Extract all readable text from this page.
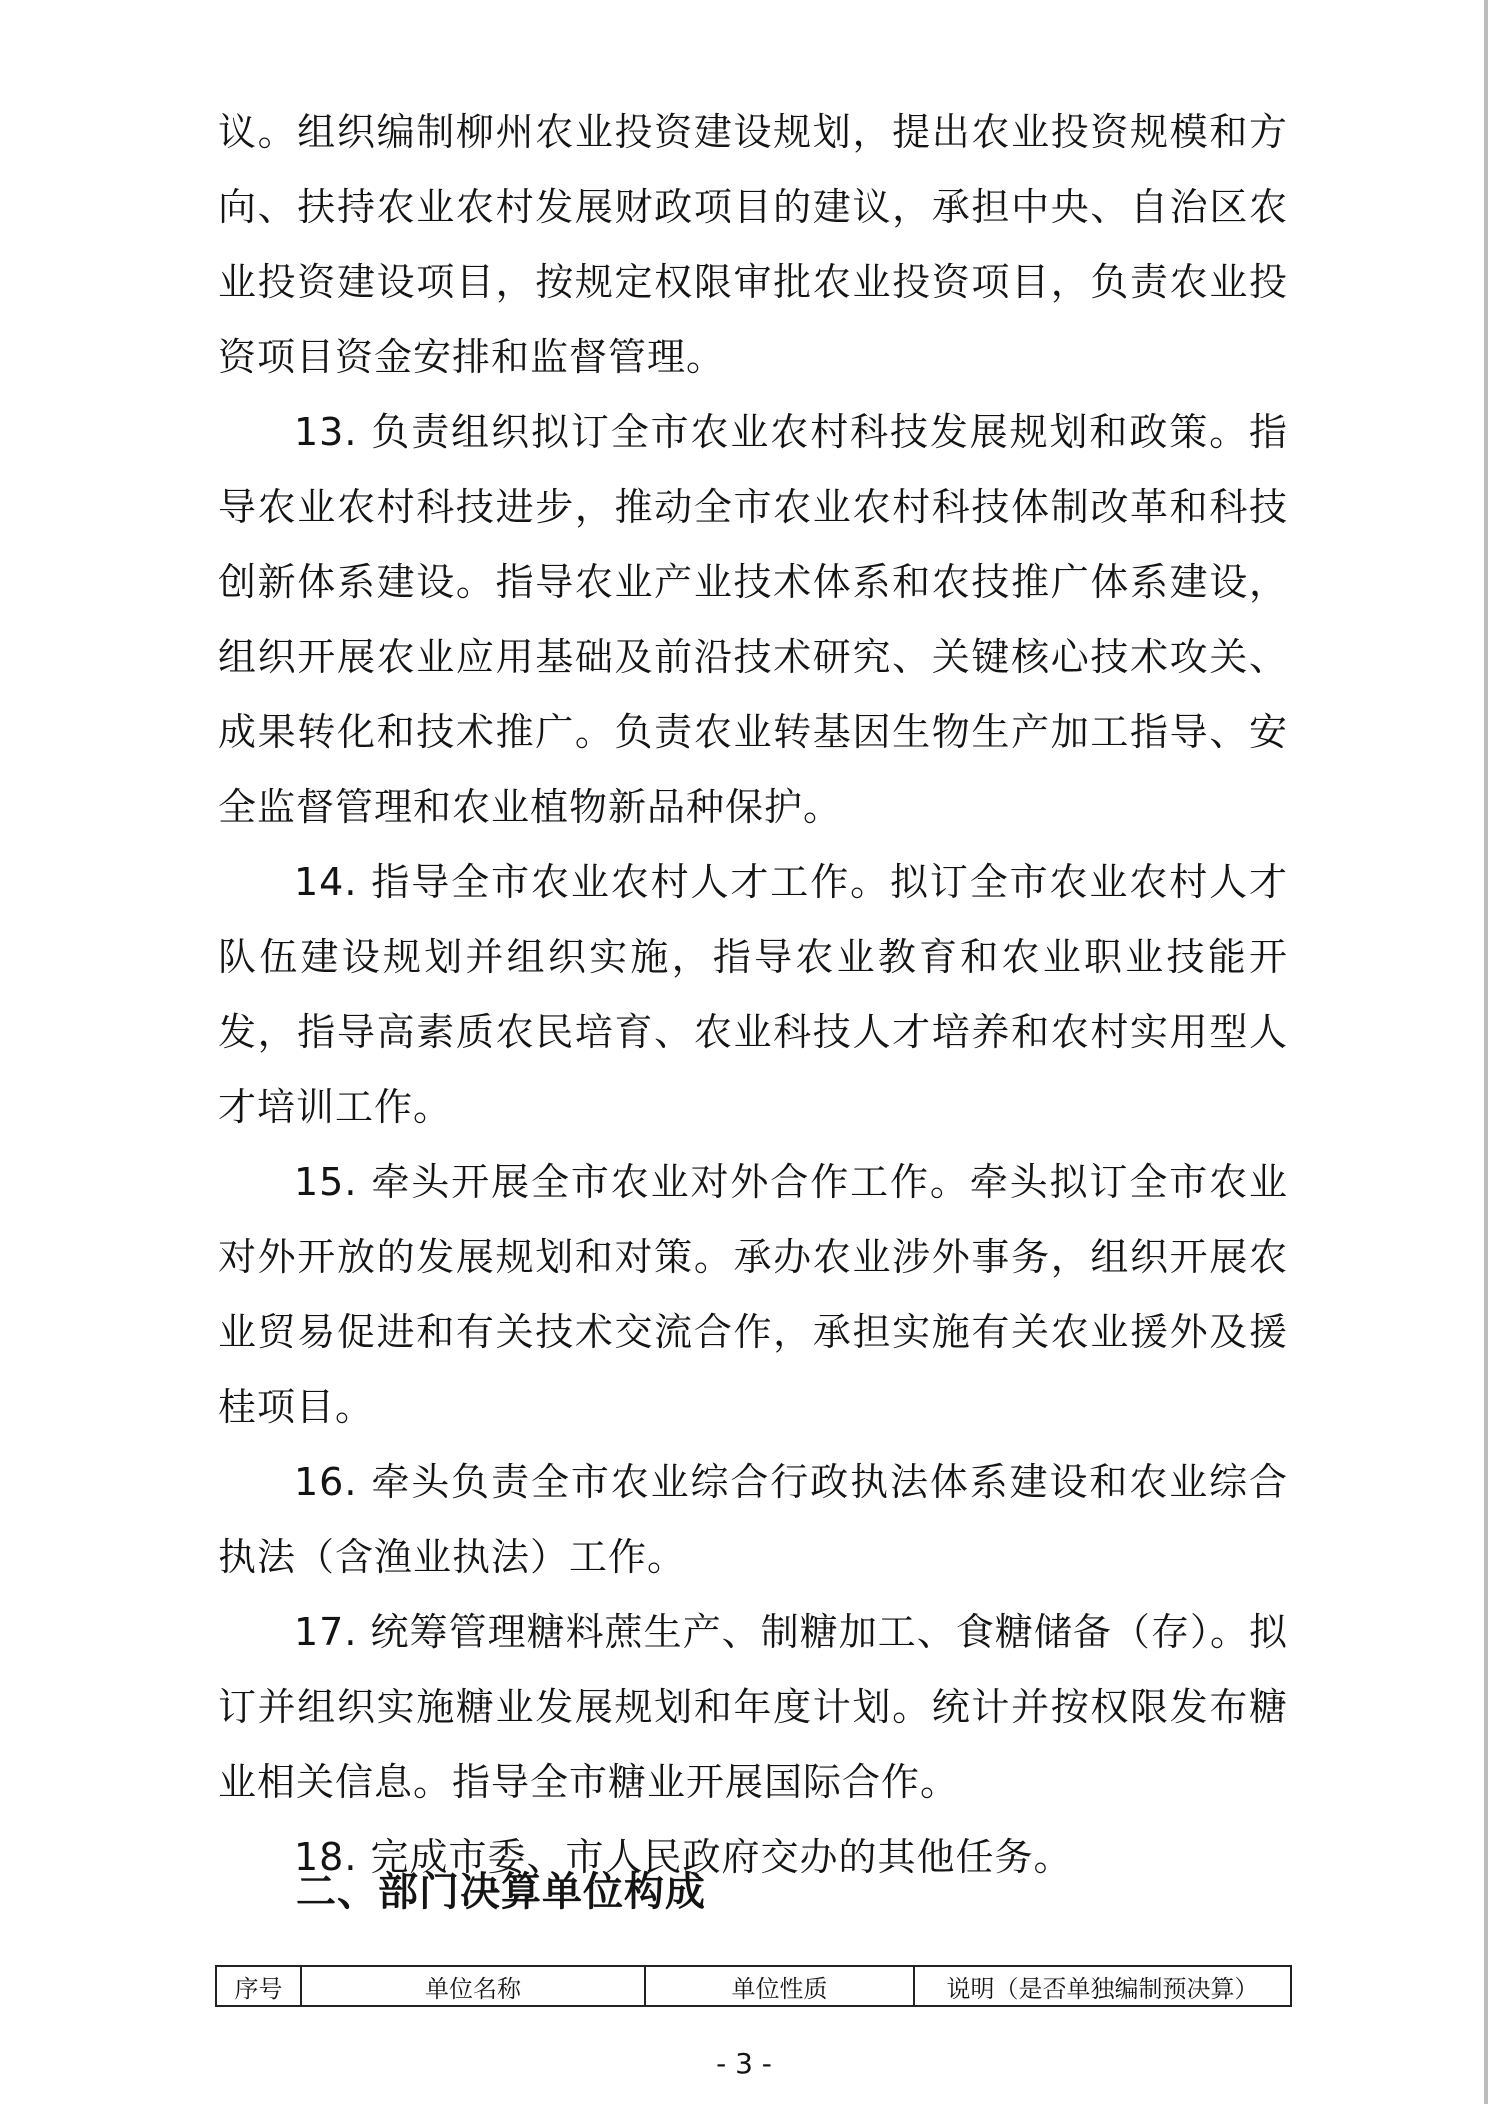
议。组织编制柳州农业投资建设规划，提出农业投资规模和方向、扶持农业农村发展财政项目的建议，承担中央、自治区农业投资建设项目，按规定权限审批农业投资项目，负责农业投资项目资金安排和监督管理。

13. 负责组织拟订全市农业农村科技发展规划和政策。指导农业农村科技进步，推动全市农业农村科技体制改革和科技创新体系建设。指导农业产业技术体系和农技推广体系建设，组织开展农业应用基础及前沿技术研究、关键核心技术攻关、成果转化和技术推广。负责农业转基因生物生产加工指导、安全监督管理和农业植物新品种保护。

14. 指导全市农业农村人才工作。拟订全市农业农村人才队伍建设规划并组织实施，指导农业教育和农业职业技能开发，指导高素质农民培育、农业科技人才培养和农村实用型人才培训工作。

15. 牵头开展全市农业对外合作工作。牵头拟订全市农业对外开放的发展规划和对策。承办农业涉外事务，组织开展农业贸易促进和有关技术交流合作，承担实施有关农业援外及援桂项目。

16. 牵头负责全市农业综合行政执法体系建设和农业综合执法（含渔业执法）工作。

17. 统筹管理糖料蔗生产、制糖加工、食糖储备（存）。拟订并组织实施糖业发展规划和年度计划。统计并按权限发布糖业相关信息。指导全市糖业开展国际合作。

18. 完成市委、市人民政府交办的其他任务。

二、部门决算单位构成
序号	单位名称	单位性质	说明（是否单独编制预决算）
- 3 -
